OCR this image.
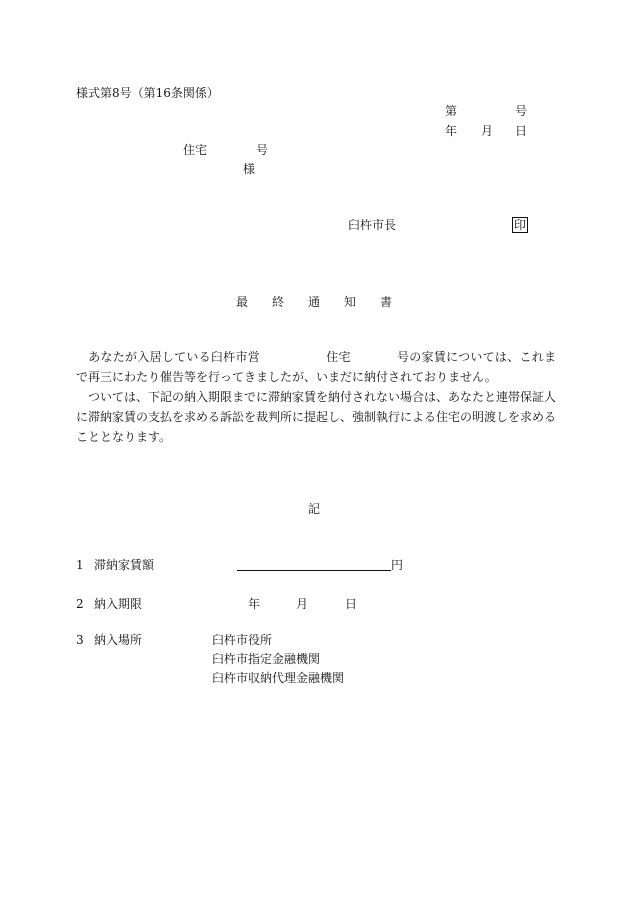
様式第8号（第16条関係）
第	号
年 月 日
住宅	号
様
臼杵市長	印
最 終 通 知 書
　あなたが入居している臼杵市営	住宅	号の家賃については、これまで再三にわたり催告等を行ってきましたが、いまだに納付されておりません。
　ついては、下記の納入期限までに滞納家賃を納付されない場合は、あなたと連帯保証人に滞納家賃の支払を求める訴訟を裁判所に提起し、強制執行による住宅の明渡しを求めることとなります。
記
1 滞納家賃額	円
2 納入期限	年	月	日
3 納入場所	臼杵市役所
臼杵市指定金融機関
臼杵市収納代理金融機関
